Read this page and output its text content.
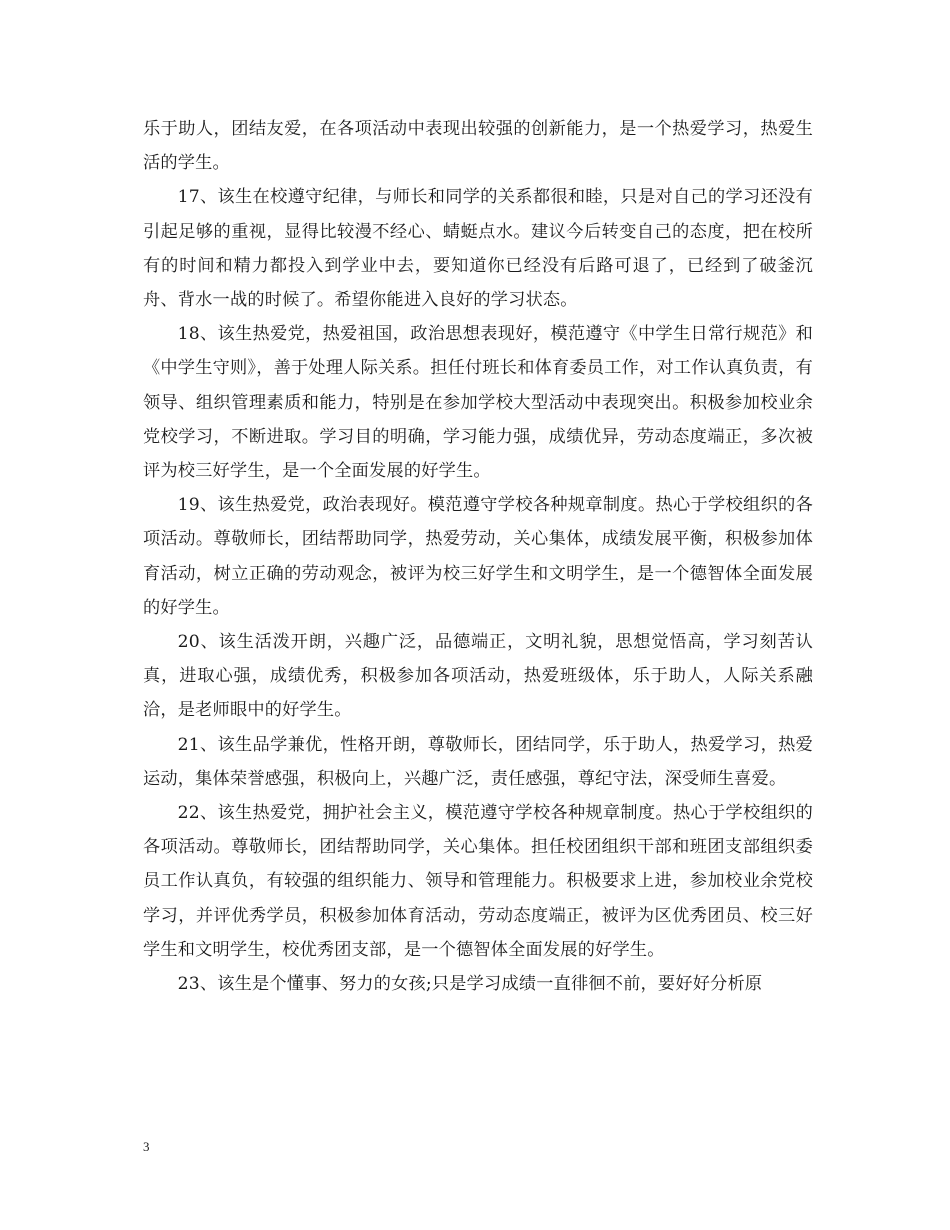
乐于助人，团结友爱，在各项活动中表现出较强的创新能力，是一个热爱学习，热爱生活的学生。

17、该生在校遵守纪律，与师长和同学的关系都很和睦，只是对自己的学习还没有引起足够的重视，显得比较漫不经心、蜻蜓点水。建议今后转变自己的态度，把在校所有的时间和精力都投入到学业中去，要知道你已经没有后路可退了，已经到了破釜沉舟、背水一战的时候了。希望你能进入良好的学习状态。

18、该生热爱党，热爱祖国，政治思想表现好，模范遵守《中学生日常行规范》和《中学生守则》，善于处理人际关系。担任付班长和体育委员工作，对工作认真负责，有领导、组织管理素质和能力，特别是在参加学校大型活动中表现突出。积极参加校业余党校学习，不断进取。学习目的明确，学习能力强，成绩优异，劳动态度端正，多次被评为校三好学生，是一个全面发展的好学生。

19、该生热爱党，政治表现好。模范遵守学校各种规章制度。热心于学校组织的各项活动。尊敬师长，团结帮助同学，热爱劳动，关心集体，成绩发展平衡，积极参加体育活动，树立正确的劳动观念，被评为校三好学生和文明学生，是一个德智体全面发展的好学生。

20、该生活泼开朗，兴趣广泛，品德端正，文明礼貌，思想觉悟高，学习刻苦认真，进取心强，成绩优秀，积极参加各项活动，热爱班级体，乐于助人，人际关系融洽，是老师眼中的好学生。

21、该生品学兼优，性格开朗，尊敬师长，团结同学，乐于助人，热爱学习，热爱运动，集体荣誉感强，积极向上，兴趣广泛，责任感强，尊纪守法，深受师生喜爱。

22、该生热爱党，拥护社会主义，模范遵守学校各种规章制度。热心于学校组织的各项活动。尊敬师长，团结帮助同学，关心集体。担任校团组织干部和班团支部组织委员工作认真负，有较强的组织能力、领导和管理能力。积极要求上进，参加校业余党校学习，并评优秀学员，积极参加体育活动，劳动态度端正，被评为区优秀团员、校三好学生和文明学生，校优秀团支部，是一个德智体全面发展的好学生。

23、该生是个懂事、努力的女孩;只是学习成绩一直徘徊不前，要好好分析原

3
